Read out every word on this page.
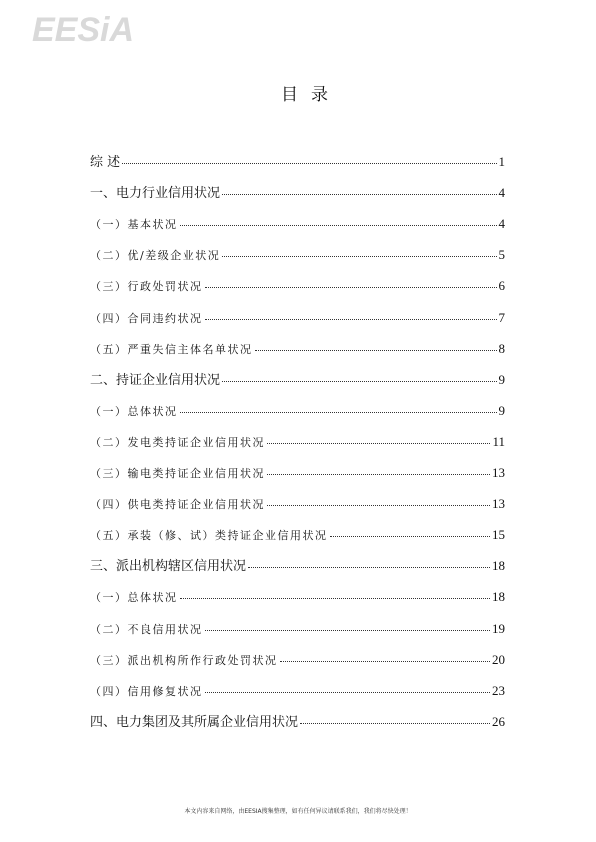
EESiA
目录
综 述	1
一、电力行业信用状况	4
（一）基本状况	4
（二）优/差级企业状况	5
（三）行政处罚状况	6
（四）合同违约状况	7
（五）严重失信主体名单状况	8
二、持证企业信用状况	9
（一）总体状况	9
（二）发电类持证企业信用状况	11
（三）输电类持证企业信用状况	13
（四）供电类持证企业信用状况	13
（五）承装（修、试）类持证企业信用状况	15
三、派出机构辖区信用状况	18
（一）总体状况	18
（二）不良信用状况	19
（三）派出机构所作行政处罚状况	20
（四）信用修复状况	23
四、电力集团及其所属企业信用状况	26
本文内容来自网络，由EESIA搜集整理，如有任何异议请联系我们，我们将尽快处理！
